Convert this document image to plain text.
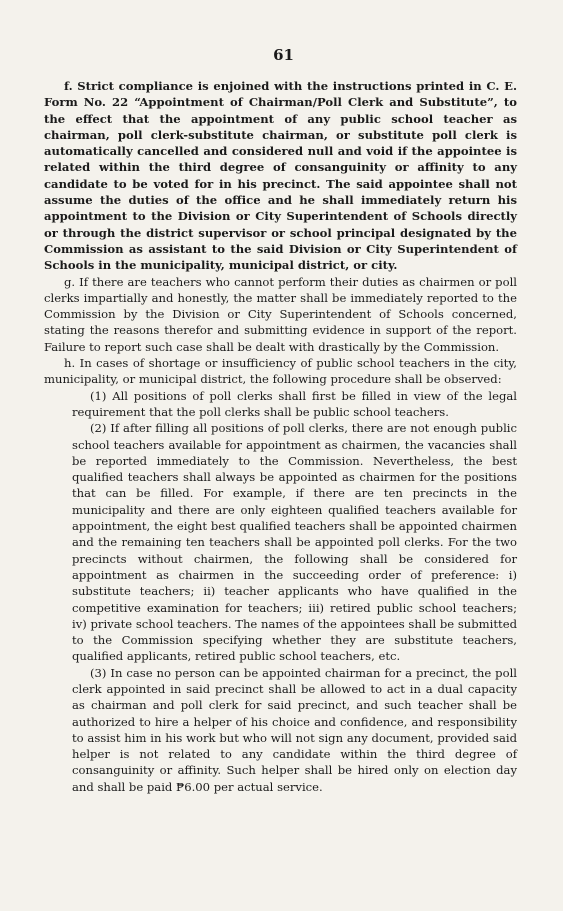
61

f. Strict compliance is enjoined with the instructions printed in C. E. Form No. 22 “Appointment of Chairman/Poll Clerk and Substitute”, to the effect that the appointment of any public school teacher as chairman, poll clerk-substitute chairman, or substitute poll clerk is automatically cancelled and considered null and void if the appointee is related within the third degree of consanguinity or affinity to any candidate to be voted for in his precinct. The said appointee shall not assume the duties of the office and he shall immediately return his appointment to the Division or City Superintendent of Schools directly or through the district supervisor or school principal designated by the Commission as assistant to the said Division or City Superintendent of Schools in the municipality, municipal district, or city.

g. If there are teachers who cannot perform their duties as chairmen or poll clerks impartially and honestly, the matter shall be immediately reported to the Commission by the Division or City Superintendent of Schools concerned, stating the reasons therefor and submitting evidence in support of the report. Failure to report such case shall be dealt with drastically by the Commission.

h. In cases of shortage or insufficiency of public school teachers in the city, municipality, or municipal district, the following procedure shall be observed:

(1) All positions of poll clerks shall first be filled in view of the legal requirement that the poll clerks shall be public school teachers.

(2) If after filling all positions of poll clerks, there are not enough public school teachers available for appointment as chairmen, the vacancies shall be reported immediately to the Commission. Nevertheless, the best qualified teachers shall always be appointed as chairmen for the positions that can be filled. For example, if there are ten precincts in the municipality and there are only eighteen qualified teachers available for appointment, the eight best qualified teachers shall be appointed chairmen and the remaining ten teachers shall be appointed poll clerks. For the two precincts without chairmen, the following shall be considered for appointment as chairmen in the succeeding order of preference: i) substitute teachers; ii) teacher applicants who have qualified in the competitive examination for teachers; iii) retired public school teachers; iv) private school teachers. The names of the appointees shall be submitted to the Commission specifying whether they are substitute teachers, qualified applicants, retired public school teachers, etc.

(3) In case no person can be appointed chairman for a precinct, the poll clerk appointed in said precinct shall be allowed to act in a dual capacity as chairman and poll clerk for said precinct, and such teacher shall be authorized to hire a helper of his choice and confidence, and responsibility to assist him in his work but who will not sign any document, provided said helper is not related to any candidate within the third degree of consanguinity or affinity. Such helper shall be hired only on election day and shall be paid ₱6.00 per actual service.
